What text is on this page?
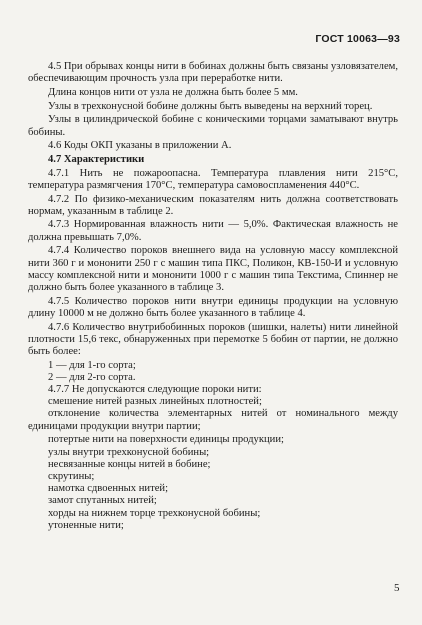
ГОСТ 10063—93

4.5 При обрывах концы нити в бобинах должны быть связаны узловязателем, обеспечивающим прочность узла при переработке нити.

Длина концов нити от узла не должна быть более 5 мм.

Узлы в трехконусной бобине должны быть выведены на верхний торец.

Узлы в цилиндрической бобине с коническими торцами заматывают внутрь бобины.

4.6 Коды ОКП указаны в приложении А.

4.7 Характеристики

4.7.1 Нить не пожароопасна. Температура плавления нити 215°С, температура размягчения 170°С, температура самовоспламенения 440°С.

4.7.2 По физико-механическим показателям нить должна соответствовать нормам, указанным в таблице 2.

4.7.3 Нормированная влажность нити — 5,0%. Фактическая влажность не должна превышать 7,0%.

4.7.4 Количество пороков внешнего вида на условную массу комплексной нити 360 г и мононити 250 г с машин типа ПКС, Поликон, КВ-150-И и условную массу комплексной нити и мононити 1000 г с машин типа Текстима, Спиннер не должно быть более указанного в таблице 3.

4.7.5 Количество пороков нити внутри единицы продукции на условную длину 10000 м не должно быть более указанного в таблице 4.

4.7.6 Количество внутрибобинных пороков (шишки, налеты) нити линейной плотности 15,6 текс, обнаруженных при перемотке 5 бобин от партии, не должно быть более:

1 — для 1-го сорта;

2 — для 2-го сорта.

4.7.7 Не допускаются следующие пороки нити:

смешение нитей разных линейных плотностей;

отклонение количества элементарных нитей от номинального между единицами продукции внутри партии;

потертые нити на поверхности единицы продукции;

узлы внутри трехконусной бобины;

несвязанные концы нитей в бобине;

скрутины;

намотка сдвоенных нитей;

замот спутанных нитей;

хорды на нижнем торце трехконусной бобины;

утоненные нити;

5
